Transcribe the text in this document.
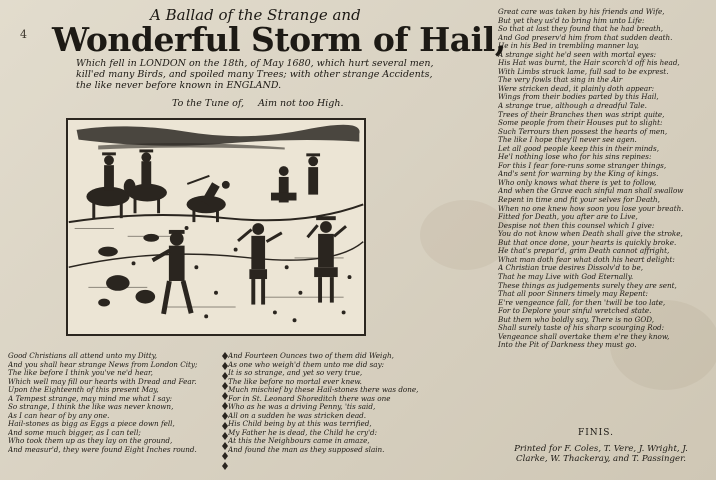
4
A Ballad of the Strange and
Wonderful Storm of Hail,
Which fell in LONDON on the 18th, of May 1680, which hurt several men, kill'ed many Birds, and spoiled many Trees; with other strange Accidents, the like never before known in ENGLAND.
To the Tune of, Aim not too High.
Good Christians all attend unto my Ditty,
And you shall hear strange News from London City;
The like before I think you've ne'd hear,
Which well may fill our hearts with Dread and Fear.
Upon the Eighteenth of this present May,
A Tempest strange, may mind me what I say:
So strange, I think the like was never known,
As I can hear of by any one.
Hail-stones as bigg as Eggs a piece down fell,
And some much bigger, as I can tell;
Who took them up as they lay on the ground,
And measur'd, they were found Eight Inches round.
And Fourteen Ounces two of them did Weigh,
As one who weigh'd them unto me did say:
It is so strange, and yet so very true,
The like before no mortal ever knew.
Much mischief by these Hail-stones there was done,
For in St. Leonard Shoreditch there was one
Who as he was a driving Penny, 'tis said,
All on a sudden he was stricken dead.
His Child being by at this was terrified,
My Father he is dead, the Child he cry'd:
At this the Neighbours came in amaze,
And found the man as they supposed slain.
Great care was taken by his friends and Wife,
But yet they us'd to bring him unto Life:
So that at last they found that he had breath,
And God preserv'd him from that sudden death.
He in his Bed in trembling manner lay,
A strange sight he'd seen with mortal eyes:
His Hat was burnt, the Hair scorch'd off his head,
With Limbs struck lame, full sad to be exprest.
The very fowls that sing in the Air
Were stricken dead, it plainly doth appear:
Wings from their bodies parted by this Hail,
A strange true, although a dreadful Tale.
Trees of their Branches then was stript quite,
Some people from their Houses put to slight:
Such Terrours then possest the hearts of men,
The like I hope they'll never see agen.
Let all good people keep this in their minds,
He'l nothing lose who for his sins repines:
For this I fear fore-runs some stranger things,
And's sent for warning by the King of kings.
Who only knows what there is yet to follow,
And when the Grave each sinful man shall swallow
Repent in time and fit your selves for Death,
When no one knew how soon you lose your breath.
Fitted for Death, you after are to Live,
Despise not then this counsel which I give:
You do not know when Death shall give the stroke,
But that once done, your hearts is quickly broke.
He that's prepar'd, grim Death cannot affright,
What man doth fear what doth his heart delight:
A Christian true desires Dissolv'd to be,
That he may Live with God Eternally.
These things as judgements surely they are sent,
That all poor Sinners timely may Repent:
E're vengeance fall, for then 'twill be too late,
For to Deplore your sinful wretched state.
But them who boldly say, There is no GOD,
Shall surely taste of his sharp scourging Rod:
Vengeance shall overtake them e're they know,
Into the Pit of Darkness they must go.
FINIS.
Printed for F. Coles, T. Vere, J. Wright, J. Clarke, W. Thackeray, and T. Passinger.
